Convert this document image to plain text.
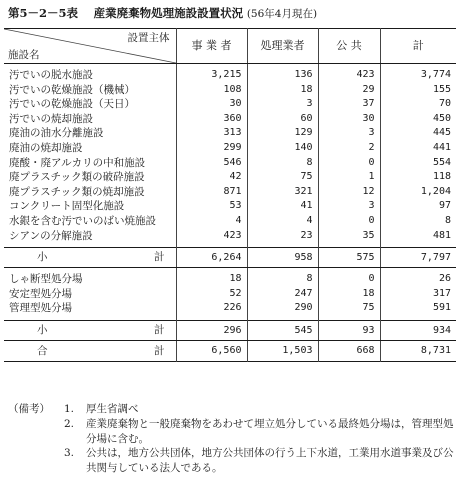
第5－2－5表 産業廃棄物処理施設設置状況 (56年4月現在)
設置主体
施設名	事 業 者	処理業者	公 共	計

汚でいの脱水施設	3,215	136	423	3,774
汚でいの乾燥施設（機械）	108	18	29	155
汚でいの乾燥施設（天日）	30	3	37	70
汚でいの焼却施設	360	60	30	450
廃油の油水分離施設	313	129	3	445
廃油の焼却施設	299	140	2	441
廃酸・廃アルカリの中和施設	546	8	0	554
廃プラスチック類の破砕施設	42	75	1	118
廃プラスチック類の焼却施設	871	321	12	1,204
コンクリート固型化施設	53	41	3	97
水銀を含む汚でいのばい焼施設	4	4	0	8
シアンの分解施設	423	23	35	481

小 計	6,264	958	575	7,797

しゃ断型処分場	18	8	0	26
安定型処分場	52	247	18	317
管理型処分場	226	290	75	591

小 計	296	545	93	934

合 計	6,560	1,503	668	8,731
（備考）	1.	厚生省調べ
2.	産業廃棄物と一般廃棄物をあわせて埋立処分している最終処分場は，管理型処分場に含む。
3.	公共は，地方公共団体，地方公共団体の行う上下水道，工業用水道事業及び公共関与している法人である。
